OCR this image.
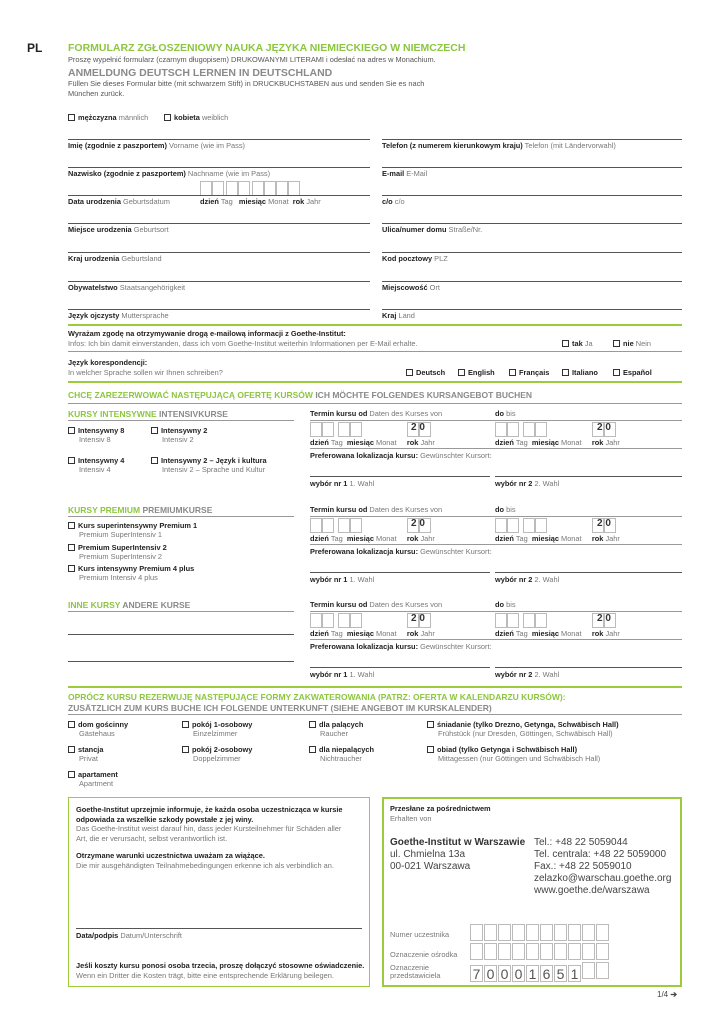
PL FORMULARZ ZGŁOSZENIOWY NAUKA JĘZYKA NIEMIECKIEGO W NIEMCZECH
Proszę wypełnić formularz (czarnym długopisem) DRUKOWANYMI LITERAMI i odesłać na adres w Monachium.
ANMELDUNG DEUTSCH LERNEN IN DEUTSCHLAND
Füllen Sie dieses Formular bitte (mit schwarzem Stift) in DRUCKBUCHSTABEN aus und senden Sie es nach
München zurück.
mężczyzna männlich	kobieta weiblich
Imię (zgodnie z paszportem) Vorname (wie im Pass)
Nazwisko (zgodnie z paszportem) Nachname (wie im Pass)

Data urodzenia Geburtsdatum	dzień Tag miesiąc Monat rok Jahr
Miejsce urodzenia Geburtsort
Kraj urodzenia Geburtsland
Obywatelstwo Staatsangehörigkeit
Język ojczysty Muttersprache
Telefon (z numerem kierunkowym kraju) Telefon (mit Ländervorwahl)
E-mail E-Mail
c/o c/o
Ulica/numer domu Straße/Nr.
Kod pocztowy PLZ
Miejscowość Ort
Kraj Land
Wyrażam zgodę na otrzymywanie drogą e-mailową informacji z Goethe-Institut:
Infos: Ich bin damit einverstanden, dass ich vom Goethe-Institut weiterhin Informationen per E-Mail erhalte.	tak Ja	nie Nein
Język korespondencji:
In welcher Sprache sollen wir Ihnen schreiben?	Deutsch	English	Français	Italiano	Español
CHCĘ ZAREZERWOWAĆ NASTĘPUJĄCĄ OFERTĘ KURSÓW ICH MÖCHTE FOLGENDES KURSANGEBOT BUCHEN
KURSY INTENSYWNE INTENSIVKURSE
Intensywny 8
Intensiv 8
Intensywny 2
Intensiv 2
Intensywny 4
Intensiv 4
Intensywny 2 – Język i kultura
Intensiv 2 – Sprache und Kultur
Termin kursu od Daten des Kurses von	do bis

2 0
	2 0
dzień Tag miesiąc Monat rok Jahr	dzień Tag miesiąc Monat rok Jahr
Preferowana lokalizacja kursu: Gewünschter Kursort:
wybór nr 1 1. Wahl	wybór nr 2 2. Wahl
Termin kursu od Daten des Kurses von	do bis

2 0
	2 0
dzień Tag miesiąc Monat rok Jahr	dzień Tag miesiąc Monat rok Jahr
Preferowana lokalizacja kursu: Gewünschter Kursort:
wybór nr 1 1. Wahl	wybór nr 2 2. Wahl
Termin kursu od Daten des Kurses von	do bis

2 0
	2 0
dzień Tag miesiąc Monat rok Jahr	dzień Tag miesiąc Monat rok Jahr
Preferowana lokalizacja kursu: Gewünschter Kursort:
wybór nr 1 1. Wahl	wybór nr 2 2. Wahl
KURSY PREMIUM PREMIUMKURSE
Kurs superintensywny Premium 1
Premium SuperIntensiv 1
Premium SuperIntensiv 2
Premium SuperIntensiv 2
Kurs intensywny Premium 4 plus
Premium Intensiv 4 plus
INNE KURSY ANDERE KURSE
OPRÓCZ KURSU REZERWUJĘ NASTĘPUJĄCE FORMY ZAKWATEROWANIA (PATRZ: OFERTA W KALENDARZU KURSÓW):
ZUSÄTZLICH ZUM KURS BUCHE ICH FOLGENDE UNTERKUNFT (SIEHE ANGEBOT IM KURSKALENDER)
dom gościnny
Gästehaus
stancja
Privat
apartament
Apartment
pokój 1-osobowy
Einzelzimmer
pokój 2-osobowy
Doppelzimmer
dla palących
Raucher
dla niepalących
Nichtraucher
śniadanie (tylko Drezno, Getynga, Schwäbisch Hall)
Frühstück (nur Dresden, Göttingen, Schwäbisch Hall)
obiad (tylko Getynga i Schwäbisch Hall)
Mittagessen (nur Göttingen und Schwäbisch Hall)
Goethe-Institut uprzejmie informuje, że każda osoba uczestnicząca w kursie
odpowiada za wszelkie szkody powstałe z jej winy.
Das Goethe-Institut weist darauf hin, dass jeder Kursteilnehmer für Schäden aller
Art, die er verursacht, selbst verantwortlich ist.
Otrzymane warunki uczestnictwa uważam za wiążące.
Die mir ausgehändigten Teilnahmebedingungen erkenne ich als verbindlich an.
Data/podpis Datum/Unterschrift
Jeśli koszty kursu ponosi osoba trzecia, proszę dołączyć stosowne oświadczenie.
Wenn ein Dritter die Kosten trägt, bitte eine entsprechende Erklärung beilegen.
Przesłane za pośrednictwem
Erhalten von
Goethe-Institut w Warszawie
ul. Chmielna 13a
00-021 Warszawa
Tel.: +48 22 5059044
Tel. centrala: +48 22 5059000
Fax.: +48 22 5059010
zelazko@warschau.goethe.org
www.goethe.de/warszawa
Numer uczestnika
Oznaczenie ośrodka
Oznaczenie
przedstawiciela 7 0 0 0 1 6 5 1
1/4 ➔
